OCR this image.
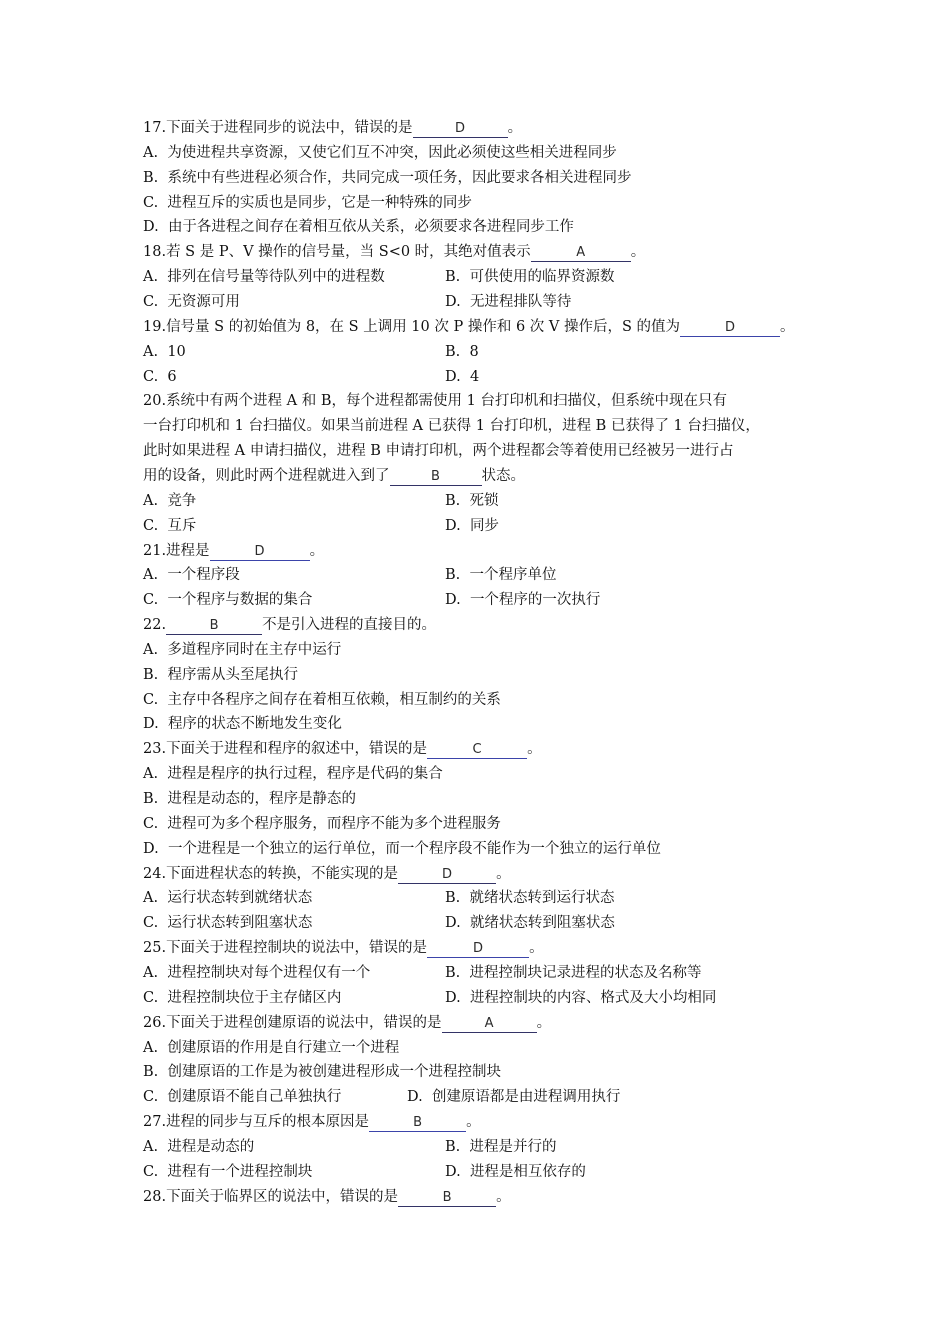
17.下面关于进程同步的说法中，错误的是	D	。
A. 为使进程共享资源，又使它们互不冲突，因此必须使这些相关进程同步
B. 系统中有些进程必须合作，共同完成一项任务，因此要求各相关进程同步
C. 进程互斥的实质也是同步，它是一种特殊的同步
D. 由于各进程之间存在着相互依从关系，必须要求各进程同步工作
18.若 S 是 P、V 操作的信号量，当 S<0 时，其绝对值表示	A	。
A. 排列在信号量等待队列中的进程数	B. 可供使用的临界资源数
C. 无资源可用	D. 无进程排队等待
19.信号量 S 的初始值为 8，在 S 上调用 10 次 P 操作和 6 次 V 操作后，S 的值为	D	。
A. 10	B. 8
C. 6	D. 4
20.系统中有两个进程 A 和 B，每个进程都需使用 1 台打印机和扫描仪，但系统中现在只有
一台打印机和 1 台扫描仪。如果当前进程 A 已获得 1 台打印机，进程 B 已获得了 1 台扫描仪，
此时如果进程 A 申请扫描仪，进程 B 申请打印机，两个进程都会等着使用已经被另一进行占
用的设备，则此时两个进程就进入到了	B	状态。
A. 竞争	B. 死锁
C. 互斥	D. 同步
21.进程是	D	。
A. 一个程序段	B. 一个程序单位
C. 一个程序与数据的集合	D. 一个程序的一次执行
22.	B	不是引入进程的直接目的。
A. 多道程序同时在主存中运行
B. 程序需从头至尾执行
C. 主存中各程序之间存在着相互依赖，相互制约的关系
D. 程序的状态不断地发生变化
23.下面关于进程和程序的叙述中，错误的是	C	。
A. 进程是程序的执行过程，程序是代码的集合
B. 进程是动态的，程序是静态的
C. 进程可为多个程序服务，而程序不能为多个进程服务
D. 一个进程是一个独立的运行单位，而一个程序段不能作为一个独立的运行单位
24.下面进程状态的转换，不能实现的是	D	。
A. 运行状态转到就绪状态	B. 就绪状态转到运行状态
C. 运行状态转到阻塞状态	D. 就绪状态转到阻塞状态
25.下面关于进程控制块的说法中，错误的是	D	。
A. 进程控制块对每个进程仅有一个	B. 进程控制块记录进程的状态及名称等
C. 进程控制块位于主存储区内	D. 进程控制块的内容、格式及大小均相同
26.下面关于进程创建原语的说法中，错误的是	A	。
A. 创建原语的作用是自行建立一个进程
B. 创建原语的工作是为被创建进程形成一个进程控制块
C. 创建原语不能自己单独执行	D. 创建原语都是由进程调用执行
27.进程的同步与互斥的根本原因是	B	。
A. 进程是动态的	B. 进程是并行的
C. 进程有一个进程控制块	D. 进程是相互依存的
28.下面关于临界区的说法中，错误的是	B	。
